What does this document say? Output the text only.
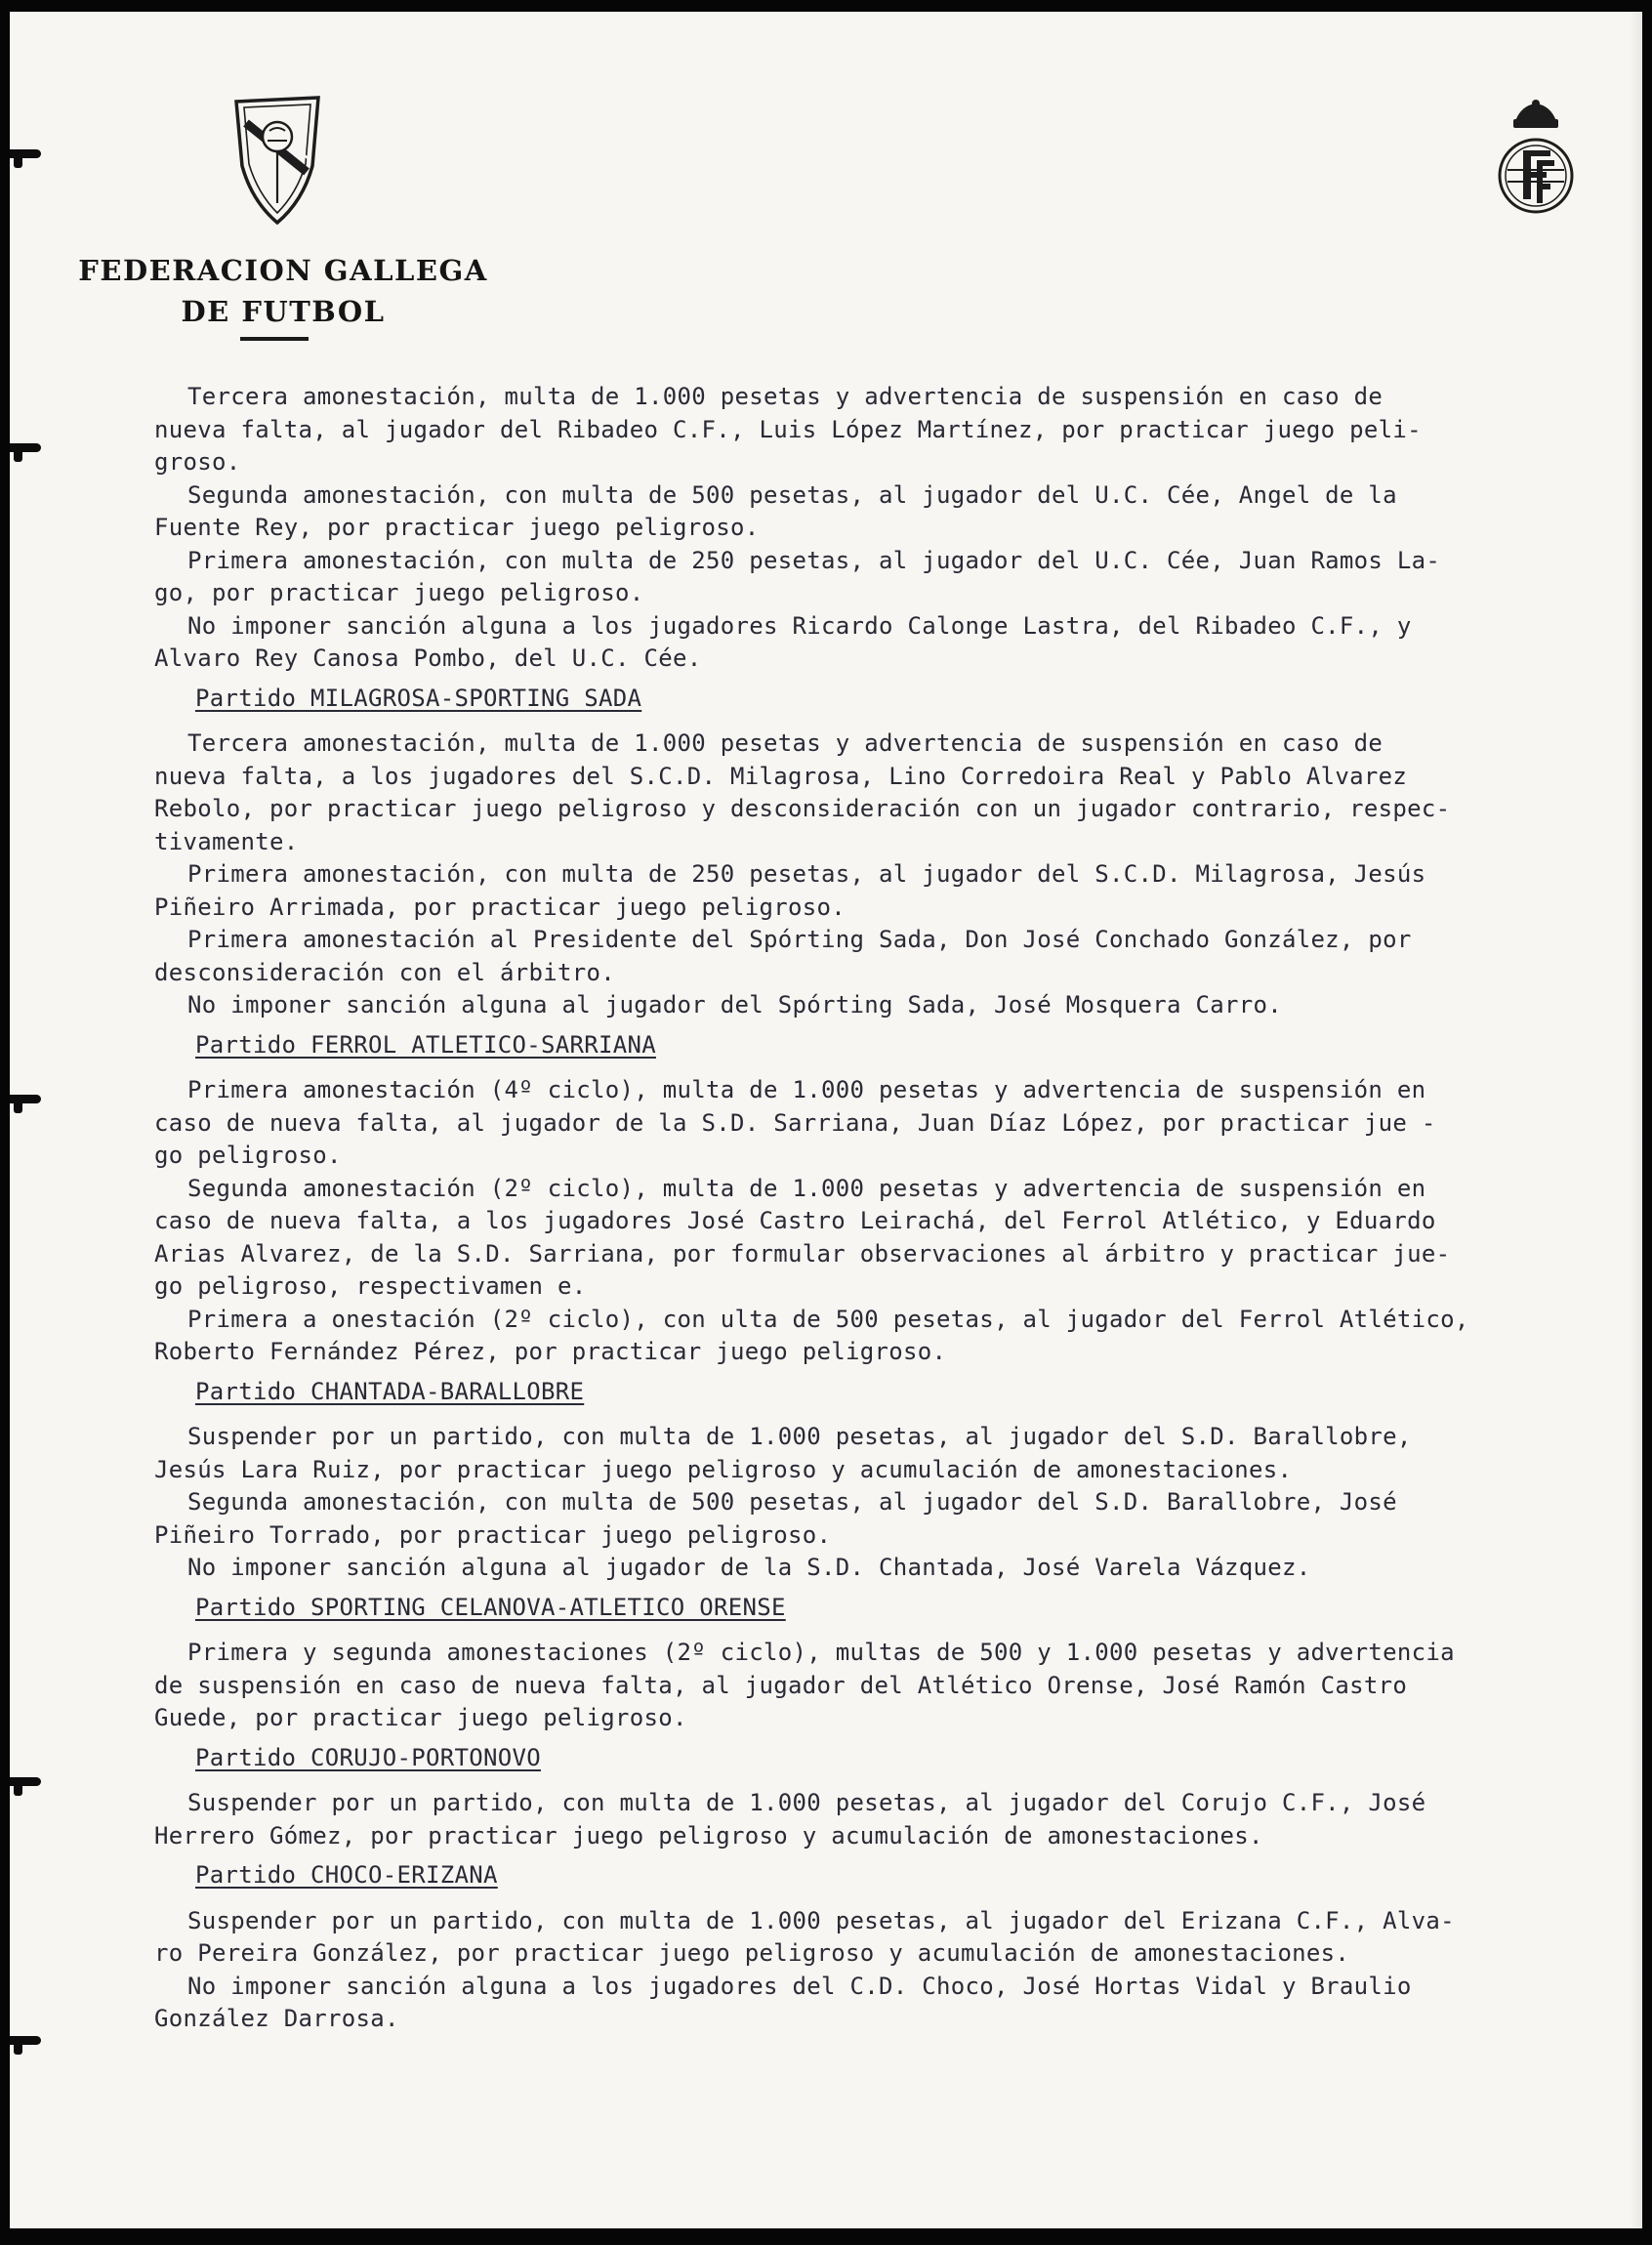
FEDERACION GALLEGA
DE FUTBOL
Tercera amonestación, multa de 1.000 pesetas y advertencia de suspensión en caso de
nueva falta, al jugador del Ribadeo C.F., Luis López Martínez, por practicar juego peli-
groso.
Segunda amonestación, con multa de 500 pesetas, al jugador del U.C. Cée, Angel de la
Fuente Rey, por practicar juego peligroso.
Primera amonestación, con multa de 250 pesetas, al jugador del U.C. Cée, Juan Ramos La-
go, por practicar juego peligroso.
No imponer sanción alguna a los jugadores Ricardo Calonge Lastra, del Ribadeo C.F., y
Alvaro Rey Canosa Pombo, del U.C. Cée.
Partido MILAGROSA-SPORTING SADA
Tercera amonestación, multa de 1.000 pesetas y advertencia de suspensión en caso de
nueva falta, a los jugadores del S.C.D. Milagrosa, Lino Corredoira Real y Pablo Alvarez
Rebolo, por practicar juego peligroso y desconsideración con un jugador contrario, respec-
tivamente.
Primera amonestación, con multa de 250 pesetas, al jugador del S.C.D. Milagrosa, Jesús
Piñeiro Arrimada, por practicar juego peligroso.
Primera amonestación al Presidente del Spórting Sada, Don José Conchado González, por
desconsideración con el árbitro.
No imponer sanción alguna al jugador del Spórting Sada, José Mosquera Carro.
Partido FERROL ATLETICO-SARRIANA
Primera amonestación (4º ciclo), multa de 1.000 pesetas y advertencia de suspensión en
caso de nueva falta, al jugador de la S.D. Sarriana, Juan Díaz López, por practicar jue -
go peligroso.
Segunda amonestación (2º ciclo), multa de 1.000 pesetas y advertencia de suspensión en
caso de nueva falta, a los jugadores José Castro Leirachá, del Ferrol Atlético, y Eduardo
Arias Alvarez, de la S.D. Sarriana, por formular observaciones al árbitro y practicar jue-
go peligroso, respectivamen e.
Primera a onestación (2º ciclo), con ulta de 500 pesetas, al jugador del Ferrol Atlético,
Roberto Fernández Pérez, por practicar juego peligroso.
Partido CHANTADA-BARALLOBRE
Suspender por un partido, con multa de 1.000 pesetas, al jugador del S.D. Barallobre,
Jesús Lara Ruiz, por practicar juego peligroso y acumulación de amonestaciones.
Segunda amonestación, con multa de 500 pesetas, al jugador del S.D. Barallobre, José
Piñeiro Torrado, por practicar juego peligroso.
No imponer sanción alguna al jugador de la S.D. Chantada, José Varela Vázquez.
Partido SPORTING CELANOVA-ATLETICO ORENSE
Primera y segunda amonestaciones (2º ciclo), multas de 500 y 1.000 pesetas y advertencia
de suspensión en caso de nueva falta, al jugador del Atlético Orense, José Ramón Castro
Guede, por practicar juego peligroso.
Partido CORUJO-PORTONOVO
Suspender por un partido, con multa de 1.000 pesetas, al jugador del Corujo C.F., José
Herrero Gómez, por practicar juego peligroso y acumulación de amonestaciones.
Partido CHOCO-ERIZANA
Suspender por un partido, con multa de 1.000 pesetas, al jugador del Erizana C.F., Alva-
ro Pereira González, por practicar juego peligroso y acumulación de amonestaciones.
No imponer sanción alguna a los jugadores del C.D. Choco, José Hortas Vidal y Braulio
González Darrosa.
